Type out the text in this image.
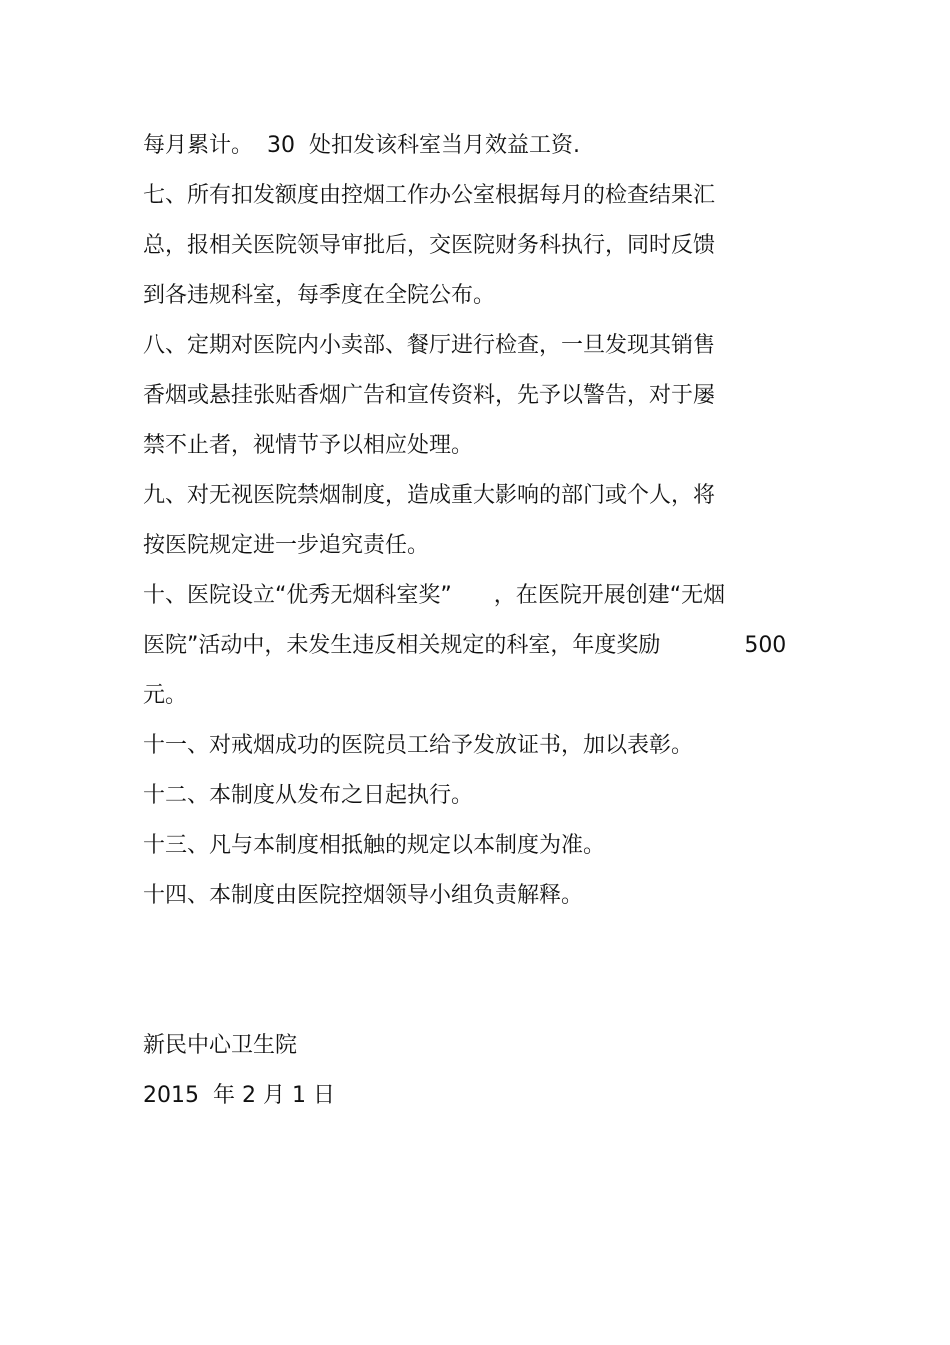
每月累计。  30  处扣发该科室当月效益工资.
七、所有扣发额度由控烟工作办公室根据每月的检查结果汇
总，报相关医院领导审批后，交医院财务科执行，同时反馈
到各违规科室，每季度在全院公布。
八、定期对医院内小卖部、餐厅进行检查，一旦发现其销售
香烟或悬挂张贴香烟广告和宣传资料，先予以警告，对于屡
禁不止者，视情节予以相应处理。
九、对无视医院禁烟制度，造成重大影响的部门或个人，将
按医院规定进一步追究责任。
十、医院设立“优秀无烟科室奖”      ，在医院开展创建“无烟
医院”活动中，未发生违反相关规定的科室，年度奖励            500
元。
十一、对戒烟成功的医院员工给予发放证书，加以表彰。
十二、本制度从发布之日起执行。
十三、凡与本制度相抵触的规定以本制度为准。
十四、本制度由医院控烟领导小组负责解释。
新民中心卫生院
2015  年 2 月 1 日
